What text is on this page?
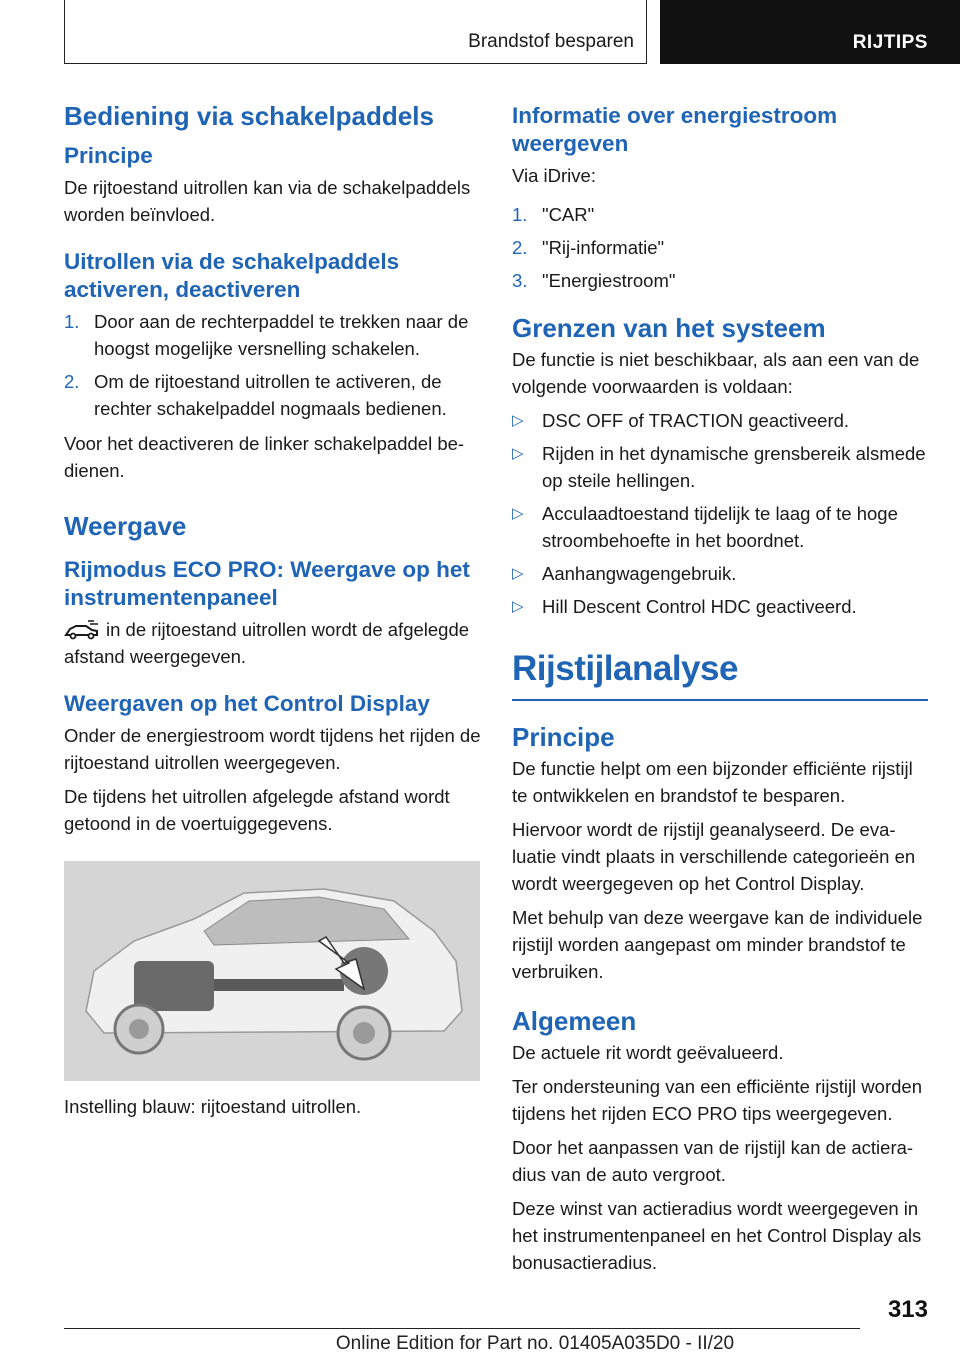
Brandstof besparen	RIJTIPS
Bediening via schakelpaddels
Principe

De rijtoestand uitrollen kan via de schakelpaddels worden beïnvloed.

Uitrollen via de schakelpaddels activeren, deactiveren
1. Door aan de rechterpaddel te trekken naar de hoogst mogelijke versnelling schakelen.
2. Om de rijtoestand uitrollen te activeren, de rechter schakelpaddel nogmaals bedienen.

Voor het deactiveren de linker schakelpaddel bedienen.

Weergave
Rijmodus ECO PRO: Weergave op het instrumentenpaneel

in de rijtoestand uitrollen wordt de afgelegde afstand weergegeven.

Weergaven op het Control Display

Onder de energiestroom wordt tijdens het rijden de rijtoestand uitrollen weergegeven.

De tijdens het uitrollen afgelegde afstand wordt getoond in de voertuiggegevens.

Instelling blauw: rijtoestand uitrollen.

Informatie over energiestroom weergeven

Via iDrive:

1. "CAR"
2. "Rij-informatie"
3. "Energiestroom"
Grenzen van het systeem

De functie is niet beschikbaar, als aan een van de volgende voorwaarden is voldaan:

▷ DSC OFF of TRACTION geactiveerd.
▷ Rijden in het dynamische grensbereik alsmede op steile hellingen.
▷ Acculaadtoestand tijdelijk te laag of te hoge stroombehoefte in het boordnet.
▷ Aanhangwagengebruik.
▷ Hill Descent Control HDC geactiveerd.
Rijstijlanalyse
Principe

De functie helpt om een bijzonder efficiënte rijstijl te ontwikkelen en brandstof te besparen.

Hiervoor wordt de rijstijl geanalyseerd. De evaluatie vindt plaats in verschillende categorieën en wordt weergegeven op het Control Display.

Met behulp van deze weergave kan de individuele rijstijl worden aangepast om minder brandstof te verbruiken.

Algemeen

De actuele rit wordt geëvalueerd.

Ter ondersteuning van een efficiënte rijstijl worden tijdens het rijden ECO PRO tips weergegeven.

Door het aanpassen van de rijstijl kan de actieradius van de auto vergroot.

Deze winst van actieradius wordt weergegeven in het instrumentenpaneel en het Control Display als bonusactieradius.

313
Online Edition for Part no. 01405A035D0 - II/20
